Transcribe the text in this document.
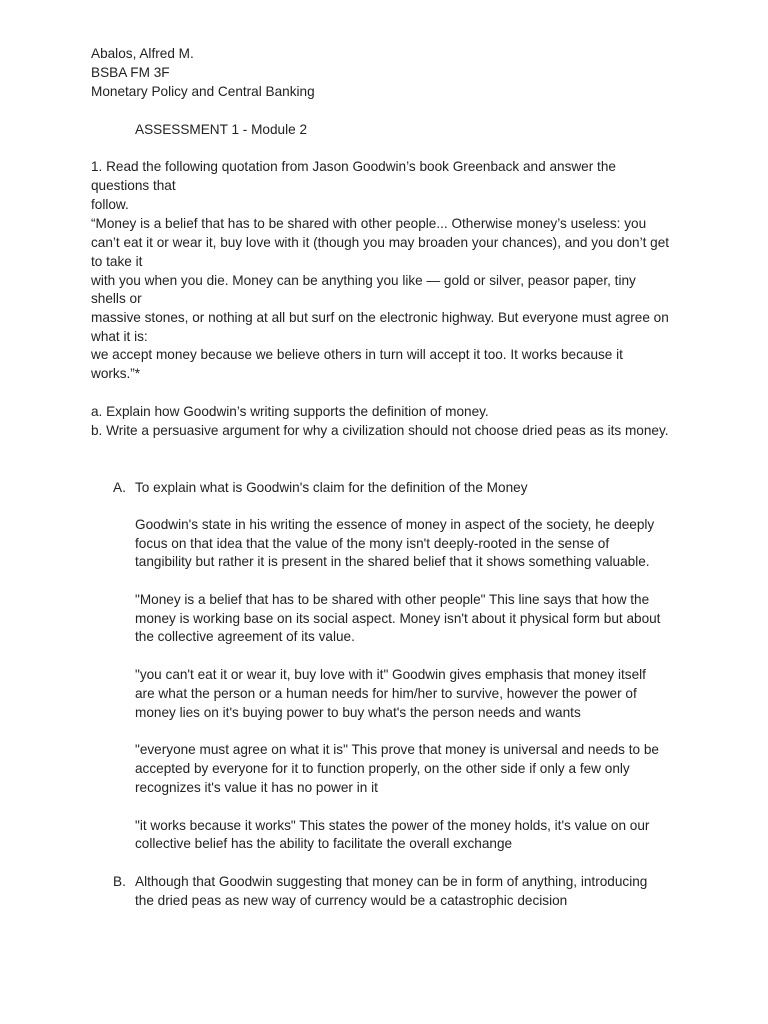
Abalos, Alfred M.
BSBA FM 3F
Monetary Policy and Central Banking
ASSESSMENT 1 - Module 2
1. Read the following quotation from Jason Goodwin’s book Greenback and answer the
questions that
follow.
“Money is a belief that has to be shared with other people... Otherwise money’s useless: you
can’t eat it or wear it, buy love with it (though you may broaden your chances), and you don’t get
to take it
with you when you die. Money can be anything you like — gold or silver, peasor paper, tiny
shells or
massive stones, or nothing at all but surf on the electronic highway. But everyone must agree on
what it is:
we accept money because we believe others in turn will accept it too. It works because it
works.”*
a. Explain how Goodwin’s writing supports the definition of money.
b. Write a persuasive argument for why a civilization should not choose dried peas as its money.
A. To explain what is Goodwin's claim for the definition of the Money
Goodwin's state in his writing the essence of money in aspect of the society, he deeply
focus on that idea that the value of the mony isn't deeply-rooted in the sense of
tangibility but rather it is present in the shared belief that it shows something valuable.
"Money is a belief that has to be shared with other people" This line says that how the
money is working base on its social aspect. Money isn't about it physical form but about
the collective agreement of its value.
"you can't eat it or wear it, buy love with it" Goodwin gives emphasis that money itself
are what the person or a human needs for him/her to survive, however the power of
money lies on it's buying power to buy what's the person needs and wants
"everyone must agree on what it is" This prove that money is universal and needs to be
accepted by everyone for it to function properly, on the other side if only a few only
recognizes it's value it has no power in it
"it works because it works" This states the power of the money holds, it's value on our
collective belief has the ability to facilitate the overall exchange
B. Although that Goodwin suggesting that money can be in form of anything, introducing
the dried peas as new way of currency would be a catastrophic decision
